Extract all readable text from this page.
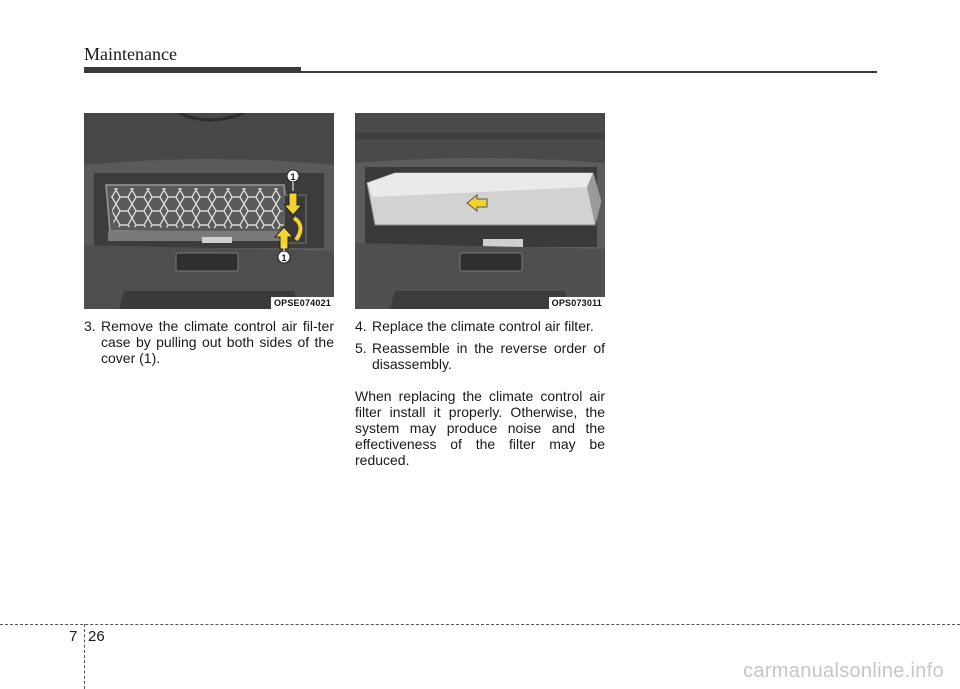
Maintenance
1
1
OPSE074021	OPS073011
3. Remove the climate control air fil-ter case by pulling out both sides of the cover (1).
4. Replace the climate control air filter.
5. Reassemble in the reverse order of disassembly.
When replacing the climate control air filter install it properly. Otherwise, the system may produce noise and the effectiveness of the filter may be reduced.
7 26
carmanualsonline.info
